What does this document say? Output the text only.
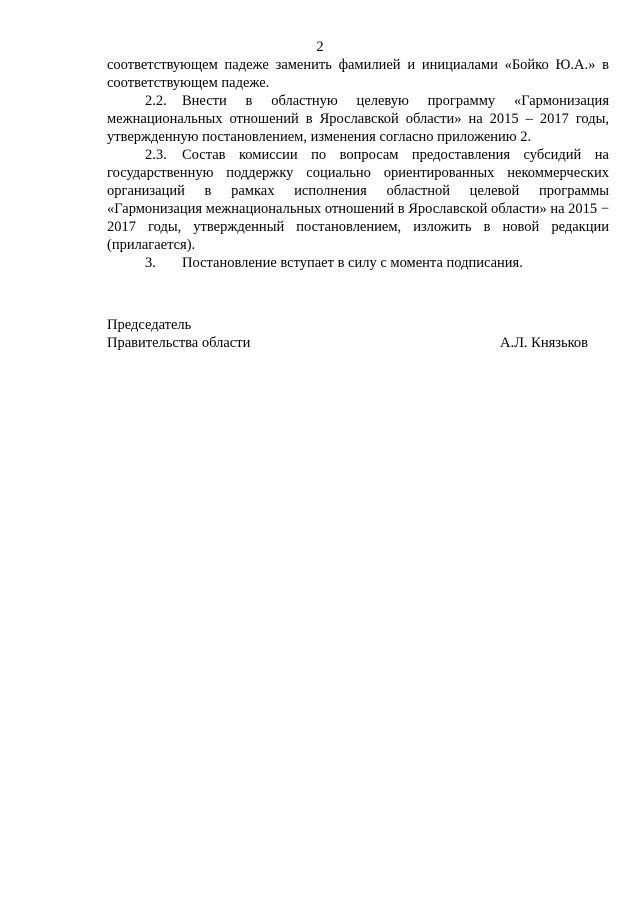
2

соответствующем падеже заменить фамилией и инициалами «Бойко Ю.А.» в соответствующем падеже.

2.2. Внести в областную целевую программу «Гармонизация межнациональных отношений в Ярославской области» на 2015 – 2017 годы, утвержденную постановлением, изменения согласно приложению 2.

2.3. Состав комиссии по вопросам предоставления субсидий на государственную поддержку социально ориентированных некоммерческих организаций в рамках исполнения областной целевой программы «Гармонизация межнациональных отношений в Ярославской области» на 2015 − 2017 годы, утвержденный постановлением, изложить в новой редакции (прилагается).

3. Постановление вступает в силу с момента подписания.

Председатель
Правительства области	А.Л. Князьков
